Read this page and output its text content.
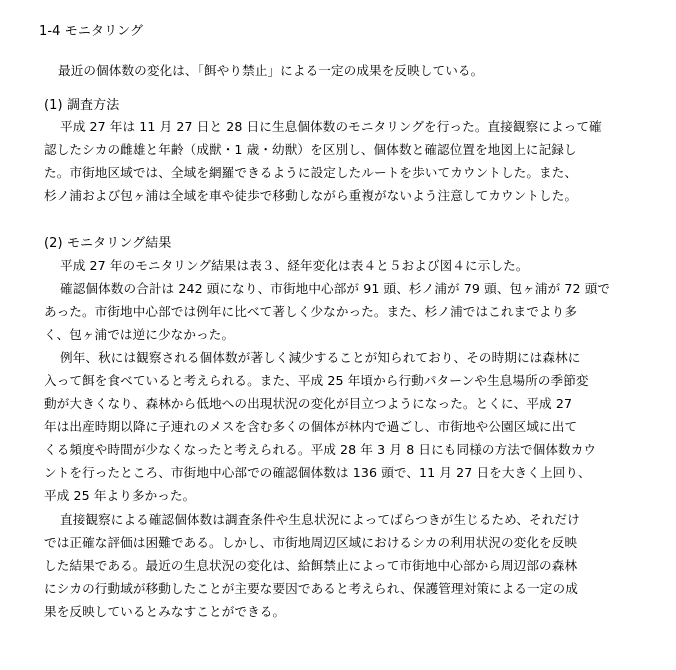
1-4 モニタリング
最近の個体数の変化は、「餌やり禁止」による一定の成果を反映している。
(1) 調査方法
平成 27 年は 11 月 27 日と 28 日に生息個体数のモニタリングを行った。直接観察によって確
認したシカの雌雄と年齢（成獣・1 歳・幼獣）を区別し、個体数と確認位置を地図上に記録し
た。市街地区域では、全域を網羅できるように設定したルートを歩いてカウントした。また、
杉ノ浦および包ヶ浦は全域を車や徒歩で移動しながら重複がないよう注意してカウントした。
(2) モニタリング結果
平成 27 年のモニタリング結果は表３、経年変化は表４と５および図４に示した。
確認個体数の合計は 242 頭になり、市街地中心部が 91 頭、杉ノ浦が 79 頭、包ヶ浦が 72 頭で
あった。市街地中心部では例年に比べて著しく少なかった。また、杉ノ浦ではこれまでより多
く、包ヶ浦では逆に少なかった。
例年、秋には観察される個体数が著しく減少することが知られており、その時期には森林に
入って餌を食べていると考えられる。また、平成 25 年頃から行動パターンや生息場所の季節変
動が大きくなり、森林から低地への出現状況の変化が目立つようになった。とくに、平成 27
年は出産時期以降に子連れのメスを含む多くの個体が林内で過ごし、市街地や公園区域に出て
くる頻度や時間が少なくなったと考えられる。平成 28 年 3 月 8 日にも同様の方法で個体数カウ
ントを行ったところ、市街地中心部での確認個体数は 136 頭で、11 月 27 日を大きく上回り、
平成 25 年より多かった。
直接観察による確認個体数は調査条件や生息状況によってばらつきが生じるため、それだけ
では正確な評価は困難である。しかし、市街地周辺区域におけるシカの利用状況の変化を反映
した結果である。最近の生息状況の変化は、給餌禁止によって市街地中心部から周辺部の森林
にシカの行動域が移動したことが主要な要因であると考えられ、保護管理対策による一定の成
果を反映しているとみなすことができる。
